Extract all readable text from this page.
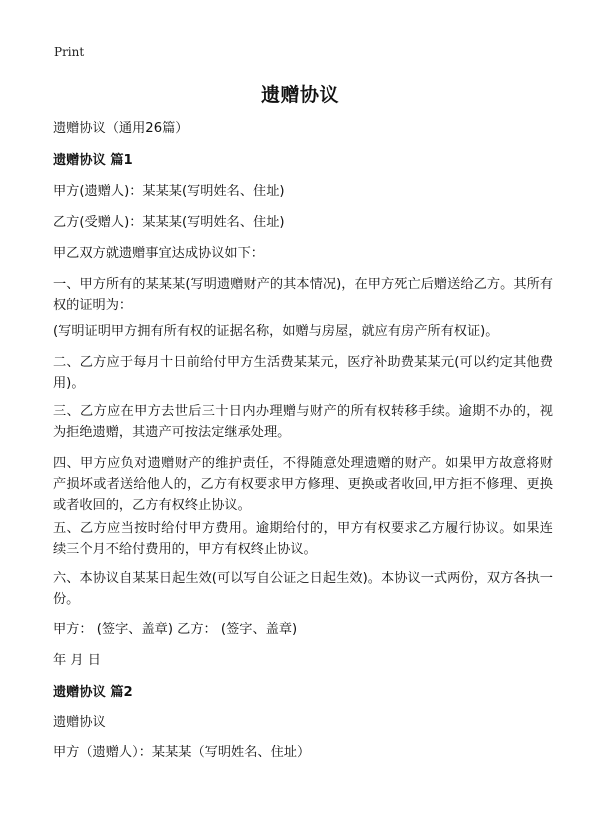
Print
遗赠协议

遗赠协议（通用26篇）

遗赠协议 篇1

甲方(遗赠人)：某某某(写明姓名、住址)

乙方(受赠人)：某某某(写明姓名、住址)

甲乙双方就遗赠事宜达成协议如下：

一、甲方所有的某某某(写明遗赠财产的其本情况)，在甲方死亡后赠送给乙方。其所有权的证明为：

(写明证明甲方拥有所有权的证据名称，如赠与房屋，就应有房产所有权证)。

二、乙方应于每月十日前给付甲方生活费某某元，医疗补助费某某元(可以约定其他费用)。

三、乙方应在甲方去世后三十日内办理赠与财产的所有权转移手续。逾期不办的，视为拒绝遗赠，其遗产可按法定继承处理。

四、甲方应负对遗赠财产的维护责任，不得随意处理遗赠的财产。如果甲方故意将财产损坏或者送给他人的，乙方有权要求甲方修理、更换或者收回,甲方拒不修理、更换或者收回的，乙方有权终止协议。

五、乙方应当按时给付甲方费用。逾期给付的，甲方有权要求乙方履行协议。如果连续三个月不给付费用的，甲方有权终止协议。

六、本协议自某某日起生效(可以写自公证之日起生效)。本协议一式两份，双方各执一份。

甲方： (签字、盖章) 乙方： (签字、盖章)

年 月 日

遗赠协议 篇2

遗赠协议

甲方（遗赠人）：某某某（写明姓名、住址）
